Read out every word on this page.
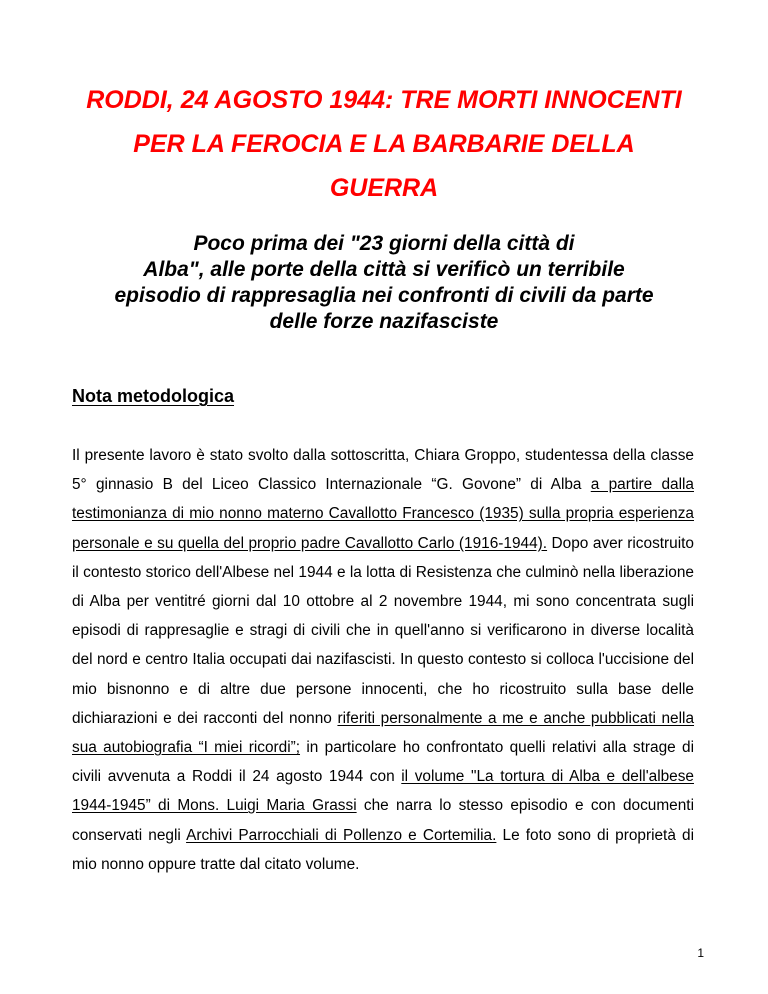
RODDI, 24 AGOSTO 1944: TRE MORTI INNOCENTI
PER LA FEROCIA E LA BARBARIE DELLA
GUERRA
Poco prima dei "23 giorni della città di
Alba", alle porte della città si verificò un terribile
episodio di rappresaglia nei confronti di civili da parte
delle forze nazifasciste
Nota metodologica

Il presente lavoro è stato svolto dalla sottoscritta, Chiara Groppo, studentessa della classe 5° ginnasio B del Liceo Classico Internazionale “G. Govone” di Alba a partire dalla testimonianza di mio nonno materno Cavallotto Francesco (1935) sulla propria esperienza personale e su quella del proprio padre Cavallotto Carlo (1916-1944). Dopo aver ricostruito il contesto storico dell'Albese nel 1944 e la lotta di Resistenza che culminò nella liberazione di Alba per ventitré giorni dal 10 ottobre al 2 novembre 1944, mi sono concentrata sugli episodi di rappresaglie e stragi di civili che in quell'anno si verificarono in diverse località del nord e centro Italia occupati dai nazifascisti. In questo contesto si colloca l'uccisione del mio bisnonno e di altre due persone innocenti, che ho ricostruito sulla base delle dichiarazioni e dei racconti del nonno riferiti personalmente a me e anche pubblicati nella sua autobiografia “I miei ricordi”; in particolare ho confrontato quelli relativi alla strage di civili avvenuta a Roddi il 24 agosto 1944 con il volume "La tortura di Alba e dell'albese 1944-1945” di Mons. Luigi Maria Grassi che narra lo stesso episodio e con documenti conservati negli Archivi Parrocchiali di Pollenzo e Cortemilia. Le foto sono di proprietà di mio nonno oppure tratte dal citato volume.

1
